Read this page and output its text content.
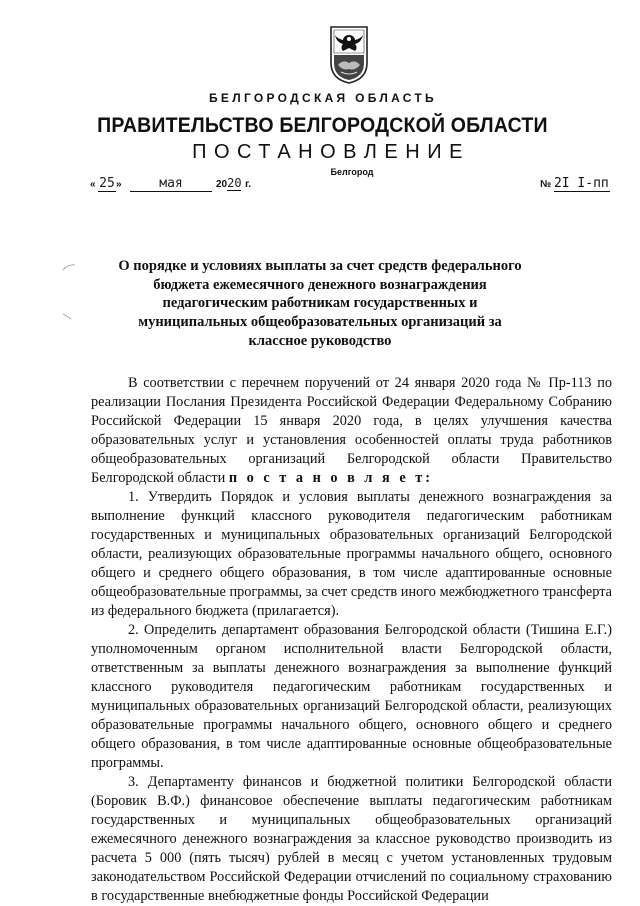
БЕЛГОРОДСКАЯ ОБЛАСТЬ
ПРАВИТЕЛЬСТВО БЕЛГОРОДСКОЙ ОБЛАСТИ
ПОСТАНОВЛЕНИЕ
Белгород
« 25»	мая	2020 г.	№ 2I I-пп
О порядке и условиях выплаты за счет средств федерального бюджета ежемесячного денежного вознаграждения педагогическим работникам государственных и муниципальных общеобразовательных организаций за классное руководство

В соответствии с перечнем поручений от 24 января 2020 года № Пр-113 по реализации Послания Президента Российской Федерации Федеральному Собранию Российской Федерации 15 января 2020 года, в целях улучшения качества образовательных услуг и установления особенностей оплаты труда работников общеобразовательных организаций Белгородской области Правительство Белгородской области п о с т а н о в л я е т:

1. Утвердить Порядок и условия выплаты денежного вознаграждения за выполнение функций классного руководителя педагогическим работникам государственных и муниципальных образовательных организаций Белгородской области, реализующих образовательные программы начального общего, основного общего и среднего общего образования, в том числе адаптированные основные общеобразовательные программы, за счет средств иного межбюджетного трансферта из федерального бюджета (прилагается).

2. Определить департамент образования Белгородской области (Тишина Е.Г.) уполномоченным органом исполнительной власти Белгородской области, ответственным за выплаты денежного вознаграждения за выполнение функций классного руководителя педагогическим работникам государственных и муниципальных образовательных организаций Белгородской области, реализующих образовательные программы начального общего, основного общего и среднего общего образования, в том числе адаптированные основные общеобразовательные программы.

3. Департаменту финансов и бюджетной политики Белгородской области (Боровик В.Ф.) финансовое обеспечение выплаты педагогическим работникам государственных и муниципальных общеобразовательных организаций ежемесячного денежного вознаграждения за классное руководство производить из расчета 5 000 (пять тысяч) рублей в месяц с учетом установленных трудовым законодательством Российской Федерации отчислений по социальному страхованию в государственные внебюджетные фонды Российской Федерации
